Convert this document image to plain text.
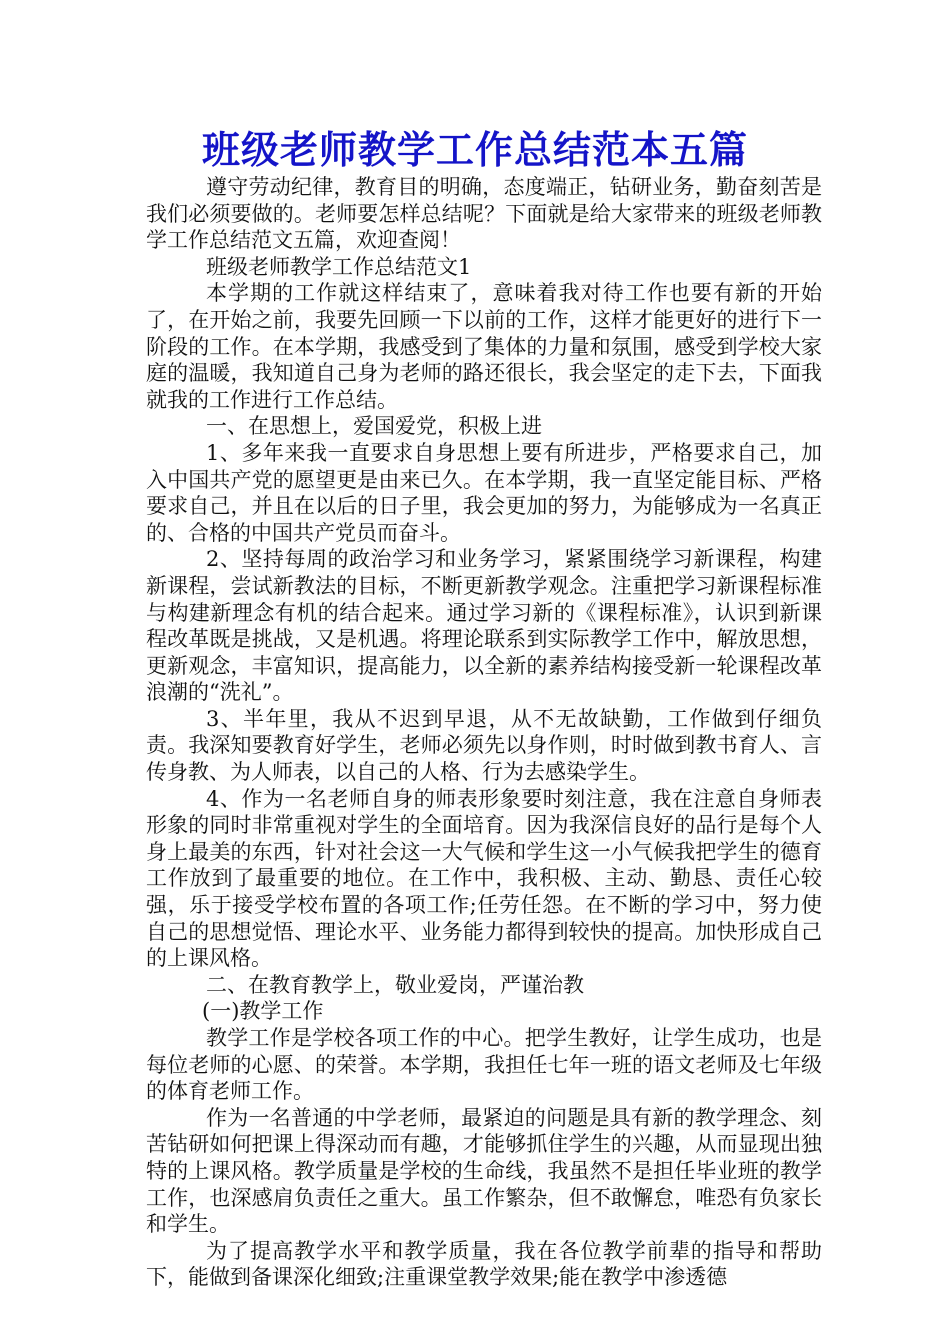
班级老师教学工作总结范本五篇

遵守劳动纪律，教育目的明确，态度端正，钻研业务，勤奋刻苦是我们必须要做的。老师要怎样总结呢？下面就是给大家带来的班级老师教学工作总结范文五篇，欢迎查阅！

班级老师教学工作总结范文1

本学期的工作就这样结束了，意味着我对待工作也要有新的开始了，在开始之前，我要先回顾一下以前的工作，这样才能更好的进行下一阶段的工作。在本学期，我感受到了集体的力量和氛围，感受到学校大家庭的温暖，我知道自己身为老师的路还很长，我会坚定的走下去，下面我就我的工作进行工作总结。

一、在思想上，爱国爱党，积极上进

1、多年来我一直要求自身思想上要有所进步，严格要求自己，加入中国共产党的愿望更是由来已久。在本学期，我一直坚定能目标、严格要求自己，并且在以后的日子里，我会更加的努力，为能够成为一名真正的、合格的中国共产党员而奋斗。

2、坚持每周的政治学习和业务学习，紧紧围绕学习新课程，构建新课程，尝试新教法的目标，不断更新教学观念。注重把学习新课程标准与构建新理念有机的结合起来。通过学习新的《课程标准》，认识到新课程改革既是挑战，又是机遇。将理论联系到实际教学工作中，解放思想，更新观念，丰富知识，提高能力，以全新的素养结构接受新一轮课程改革浪潮的“洗礼”。

3、半年里，我从不迟到早退，从不无故缺勤，工作做到仔细负责。我深知要教育好学生，老师必须先以身作则，时时做到教书育人、言传身教、为人师表，以自己的人格、行为去感染学生。

4、作为一名老师自身的师表形象要时刻注意，我在注意自身师表形象的同时非常重视对学生的全面培育。因为我深信良好的品行是每个人身上最美的东西，针对社会这一大气候和学生这一小气候我把学生的德育工作放到了最重要的地位。在工作中，我积极、主动、勤恳、责任心较强，乐于接受学校布置的各项工作;任劳任怨。在不断的学习中，努力使自己的思想觉悟、理论水平、业务能力都得到较快的提高。加快形成自己的上课风格。

二、在教育教学上，敬业爱岗，严谨治教

(一)教学工作

教学工作是学校各项工作的中心。把学生教好，让学生成功，也是每位老师的心愿、的荣誉。本学期，我担任七年一班的语文老师及七年级的体育老师工作。

作为一名普通的中学老师，最紧迫的问题是具有新的教学理念、刻苦钻研如何把课上得深动而有趣，才能够抓住学生的兴趣，从而显现出独特的上课风格。教学质量是学校的生命线，我虽然不是担任毕业班的教学工作，也深感肩负责任之重大。虽工作繁杂，但不敢懈怠，唯恐有负家长和学生。

为了提高教学水平和教学质量，我在各位教学前辈的指导和帮助下，能做到备课深化细致;注重课堂教学效果;能在教学中渗透德
